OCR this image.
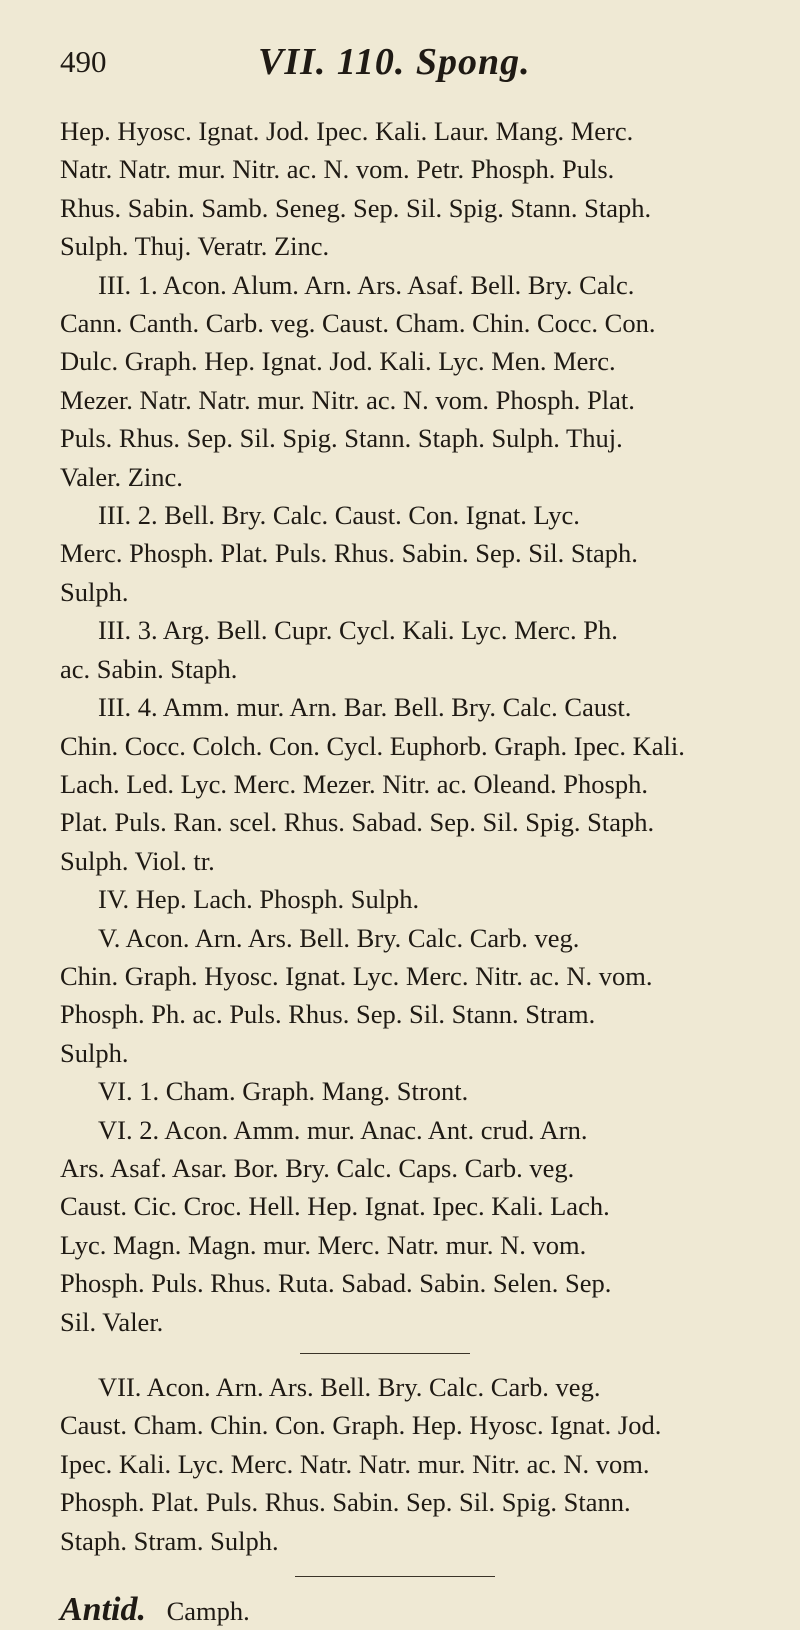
490	VII. 110. Spong.
Hep. Hyosc. Ignat. Jod. Ipec. Kali. Laur. Mang. Merc.
Natr. Natr. mur. Nitr. ac. N. vom. Petr. Phosph. Puls.
Rhus. Sabin. Samb. Seneg. Sep. Sil. Spig. Stann. Staph.
Sulph. Thuj. Veratr. Zinc.
III. 1. Acon. Alum. Arn. Ars. Asaf. Bell. Bry. Calc.
Cann. Canth. Carb. veg. Caust. Cham. Chin. Cocc. Con.
Dulc. Graph. Hep. Ignat. Jod. Kali. Lyc. Men. Merc.
Mezer. Natr. Natr. mur. Nitr. ac. N. vom. Phosph. Plat.
Puls. Rhus. Sep. Sil. Spig. Stann. Staph. Sulph. Thuj.
Valer. Zinc.
III. 2. Bell. Bry. Calc. Caust. Con. Ignat. Lyc.
Merc. Phosph. Plat. Puls. Rhus. Sabin. Sep. Sil. Staph.
Sulph.
III. 3. Arg. Bell. Cupr. Cycl. Kali. Lyc. Merc. Ph.
ac. Sabin. Staph.
III. 4. Amm. mur. Arn. Bar. Bell. Bry. Calc. Caust.
Chin. Cocc. Colch. Con. Cycl. Euphorb. Graph. Ipec. Kali.
Lach. Led. Lyc. Merc. Mezer. Nitr. ac. Oleand. Phosph.
Plat. Puls. Ran. scel. Rhus. Sabad. Sep. Sil. Spig. Staph.
Sulph. Viol. tr.
IV. Hep. Lach. Phosph. Sulph.
V. Acon. Arn. Ars. Bell. Bry. Calc. Carb. veg.
Chin. Graph. Hyosc. Ignat. Lyc. Merc. Nitr. ac. N. vom.
Phosph. Ph. ac. Puls. Rhus. Sep. Sil. Stann. Stram.
Sulph.
VI. 1. Cham. Graph. Mang. Stront.
VI. 2. Acon. Amm. mur. Anac. Ant. crud. Arn.
Ars. Asaf. Asar. Bor. Bry. Calc. Caps. Carb. veg.
Caust. Cic. Croc. Hell. Hep. Ignat. Ipec. Kali. Lach.
Lyc. Magn. Magn. mur. Merc. Natr. mur. N. vom.
Phosph. Puls. Rhus. Ruta. Sabad. Sabin. Selen. Sep.
Sil. Valer.
VII. Acon. Arn. Ars. Bell. Bry. Calc. Carb. veg.
Caust. Cham. Chin. Con. Graph. Hep. Hyosc. Ignat. Jod.
Ipec. Kali. Lyc. Merc. Natr. Natr. mur. Nitr. ac. N. vom.
Phosph. Plat. Puls. Rhus. Sabin. Sep. Sil. Spig. Stann.
Staph. Stram. Sulph.
Antid. Camph.
